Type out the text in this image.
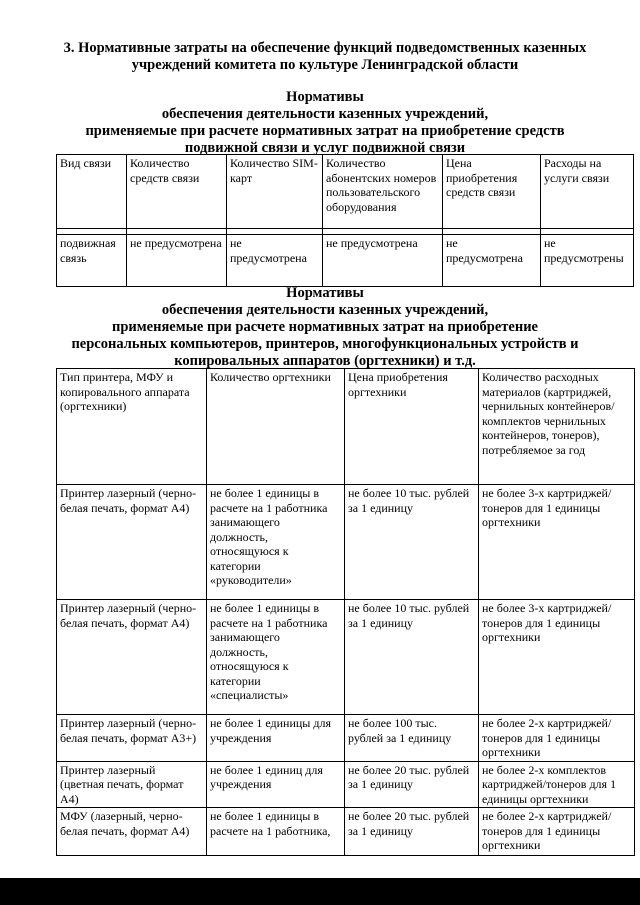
3. Нормативные затраты на обеспечение функций подведомственных казенных учреждений комитета по культуре Ленинградской области
Нормативы
обеспечения деятельности казенных учреждений,
применяемые при расчете нормативных затрат на приобретение средств
подвижной связи и услуг подвижной связи
Вид связи	Количество средств связи	Количество SIM-карт	Количество абонентских номеров пользовательского оборудования	Цена приобретения средств связи	Расходы на услуги связи

подвижная связь	не предусмотрена	не предусмотрена	не предусмотрена	не предусмотрена	не предусмотрены
Нормативы
обеспечения деятельности казенных учреждений,
применяемые при расчете нормативных затрат на приобретение
персональных компьютеров, принтеров, многофункциональных устройств и
копировальных аппаратов (оргтехники) и т.д.
Тип принтера, МФУ и копировального аппарата (оргтехники)	Количество оргтехники	Цена приобретения оргтехники	Количество расходных материалов (картриджей, чернильных контейнеров/комплектов чернильных контейнеров, тонеров), потребляемое за год
Принтер лазерный (черно-белая печать, формат А4)	не более 1 единицы в расчете на 1 работника занимающего должность, относящуюся к категории «руководители»	не более 10 тыс. рублей за 1 единицу	не более 3-х картриджей/тонеров для 1 единицы оргтехники
Принтер лазерный (черно-белая печать, формат А4)	не более 1 единицы в расчете на 1 работника занимающего должность, относящуюся к категории «специалисты»	не более 10 тыс. рублей за 1 единицу	не более 3-х картриджей/тонеров для 1 единицы оргтехники
Принтер лазерный (черно-белая печать, формат А3+)	не более 1 единицы для учреждения	не более 100 тыс. рублей за 1 единицу	не более 2-х картриджей/тонеров для 1 единицы оргтехники
Принтер лазерный (цветная печать, формат А4)	не более 1 единиц для учреждения	не более 20 тыс. рублей за 1 единицу	не более 2-х комплектов картриджей/тонеров для 1 единицы оргтехники
МФУ (лазерный, черно-белая печать, формат А4)	не более 1 единицы в расчете на 1 работника,	не более 20 тыс. рублей за 1 единицу	не более 2-х картриджей/тонеров для 1 единицы оргтехники
